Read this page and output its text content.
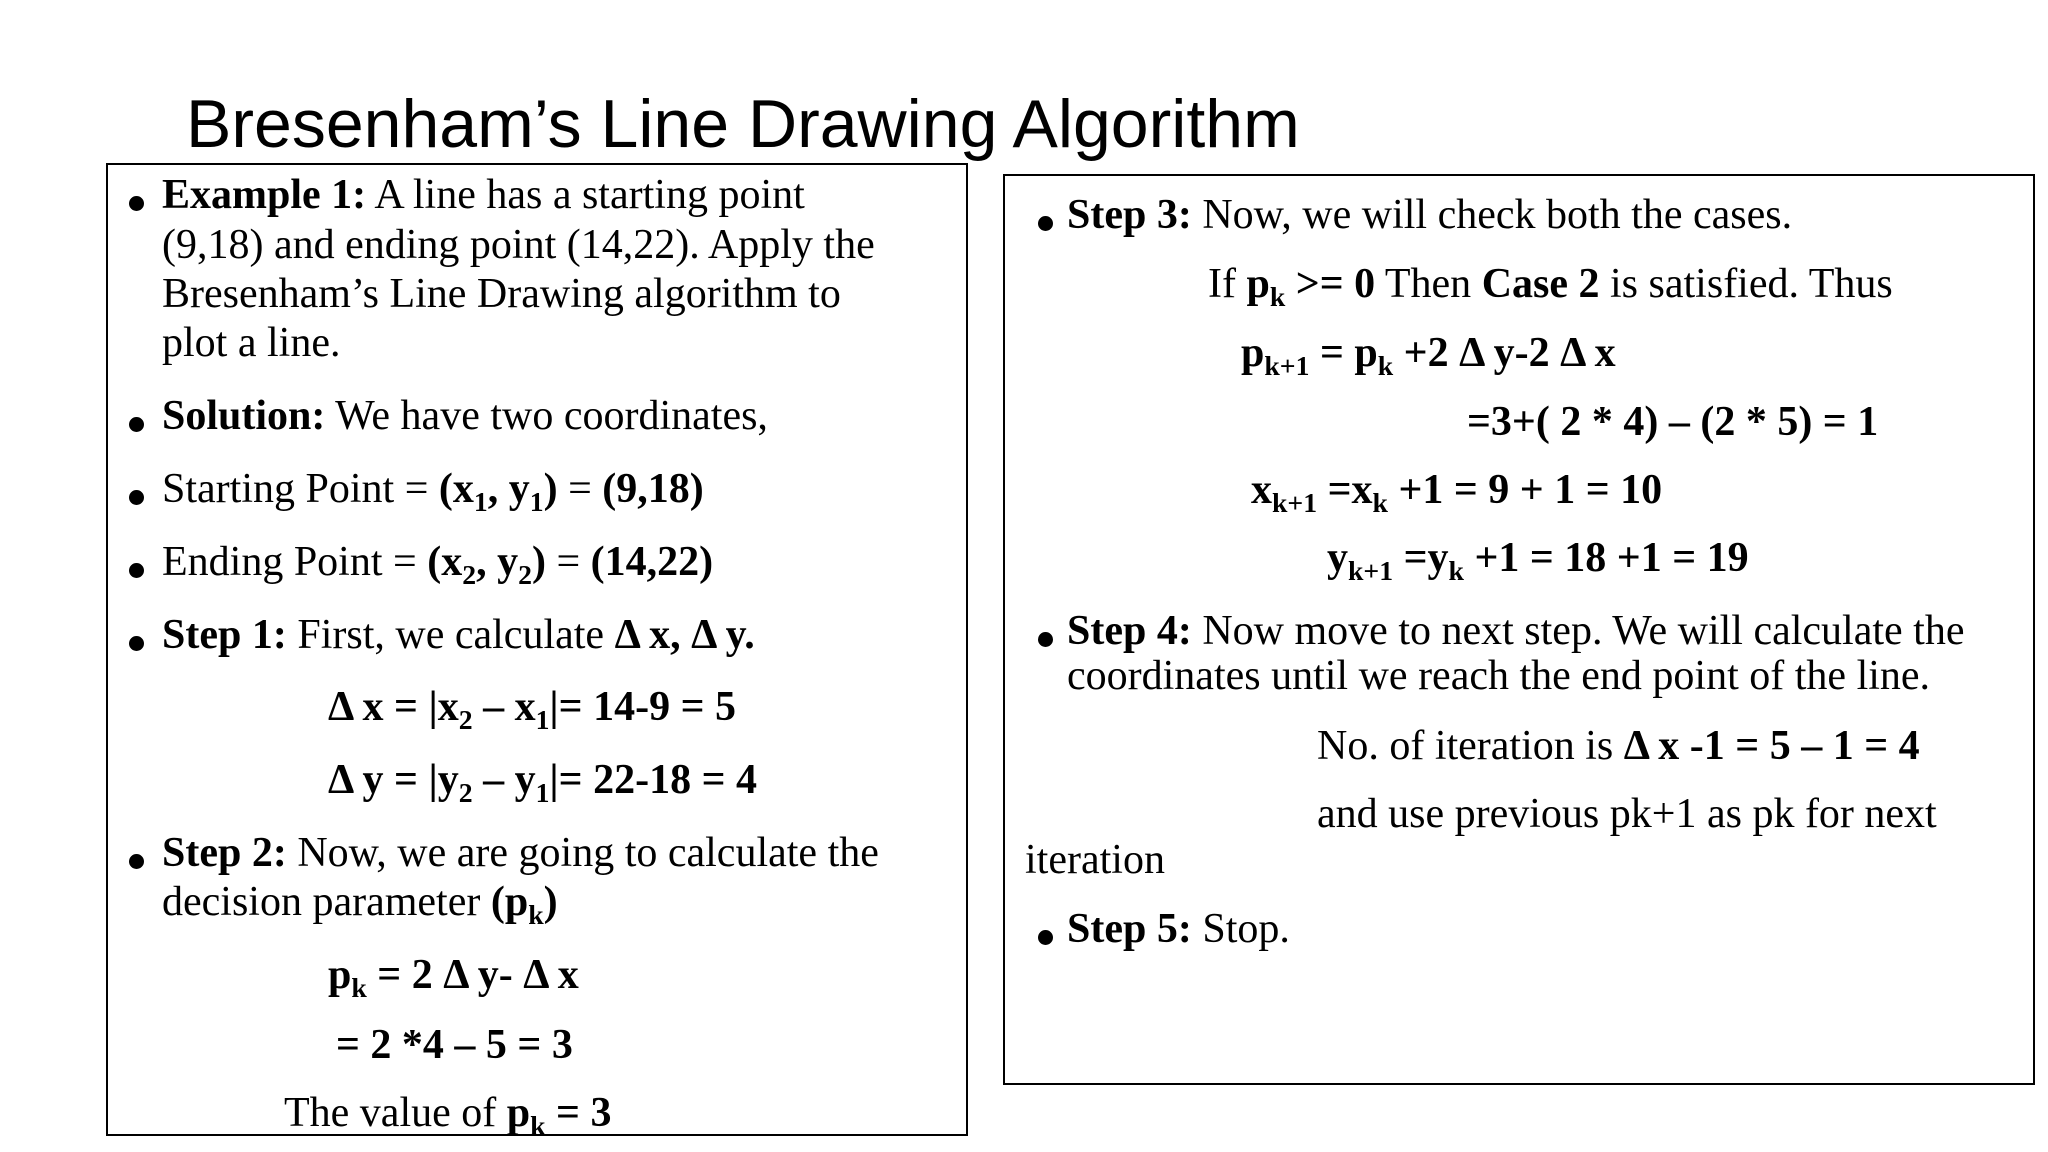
Bresenham’s Line Drawing Algorithm
Example 1: A line has a starting point
(9,18) and ending point (14,22). Apply the
Bresenham’s Line Drawing algorithm to
plot a line.
Solution: We have two coordinates,
Starting Point = ($x_1$, $y_1) = (9,18)$
Ending Point = ($x_2$, $y_2) = (14,22)$
Step 1: First, we calculate Δ x, Δ y.
Δ $x = |x_2 - x_1|= 14-9 = 5$
Δ $y = |y_2 - y_1|= 22-18 = 4$
Step 2: Now, we are going to calculate the
decision parameter $(p_k)$
$p_k = 2$ Δ y- Δ x
= 2 *4 – 5 = 3
The value of $p_k = 3$
Step 3: Now, we will check both the cases.
If $p_k >= 0$ Then Case 2 is satisfied. Thus
$p_{k+1} = p_k +2$ Δ y-2 Δ x
=3+( 2 * 4) – (2 * 5) = 1
$x_{k+1} =x_k +1 = 9 + 1 = 10$
$y_{k+1} =y_k +1 = 18 +1 = 19$
Step 4: Now move to next step. We will calculate the
coordinates until we reach the end point of the line.
No. of iteration is Δ x -1 = 5 – 1 = 4
and use previous pk+1 as pk for next
iteration
Step 5: Stop.
